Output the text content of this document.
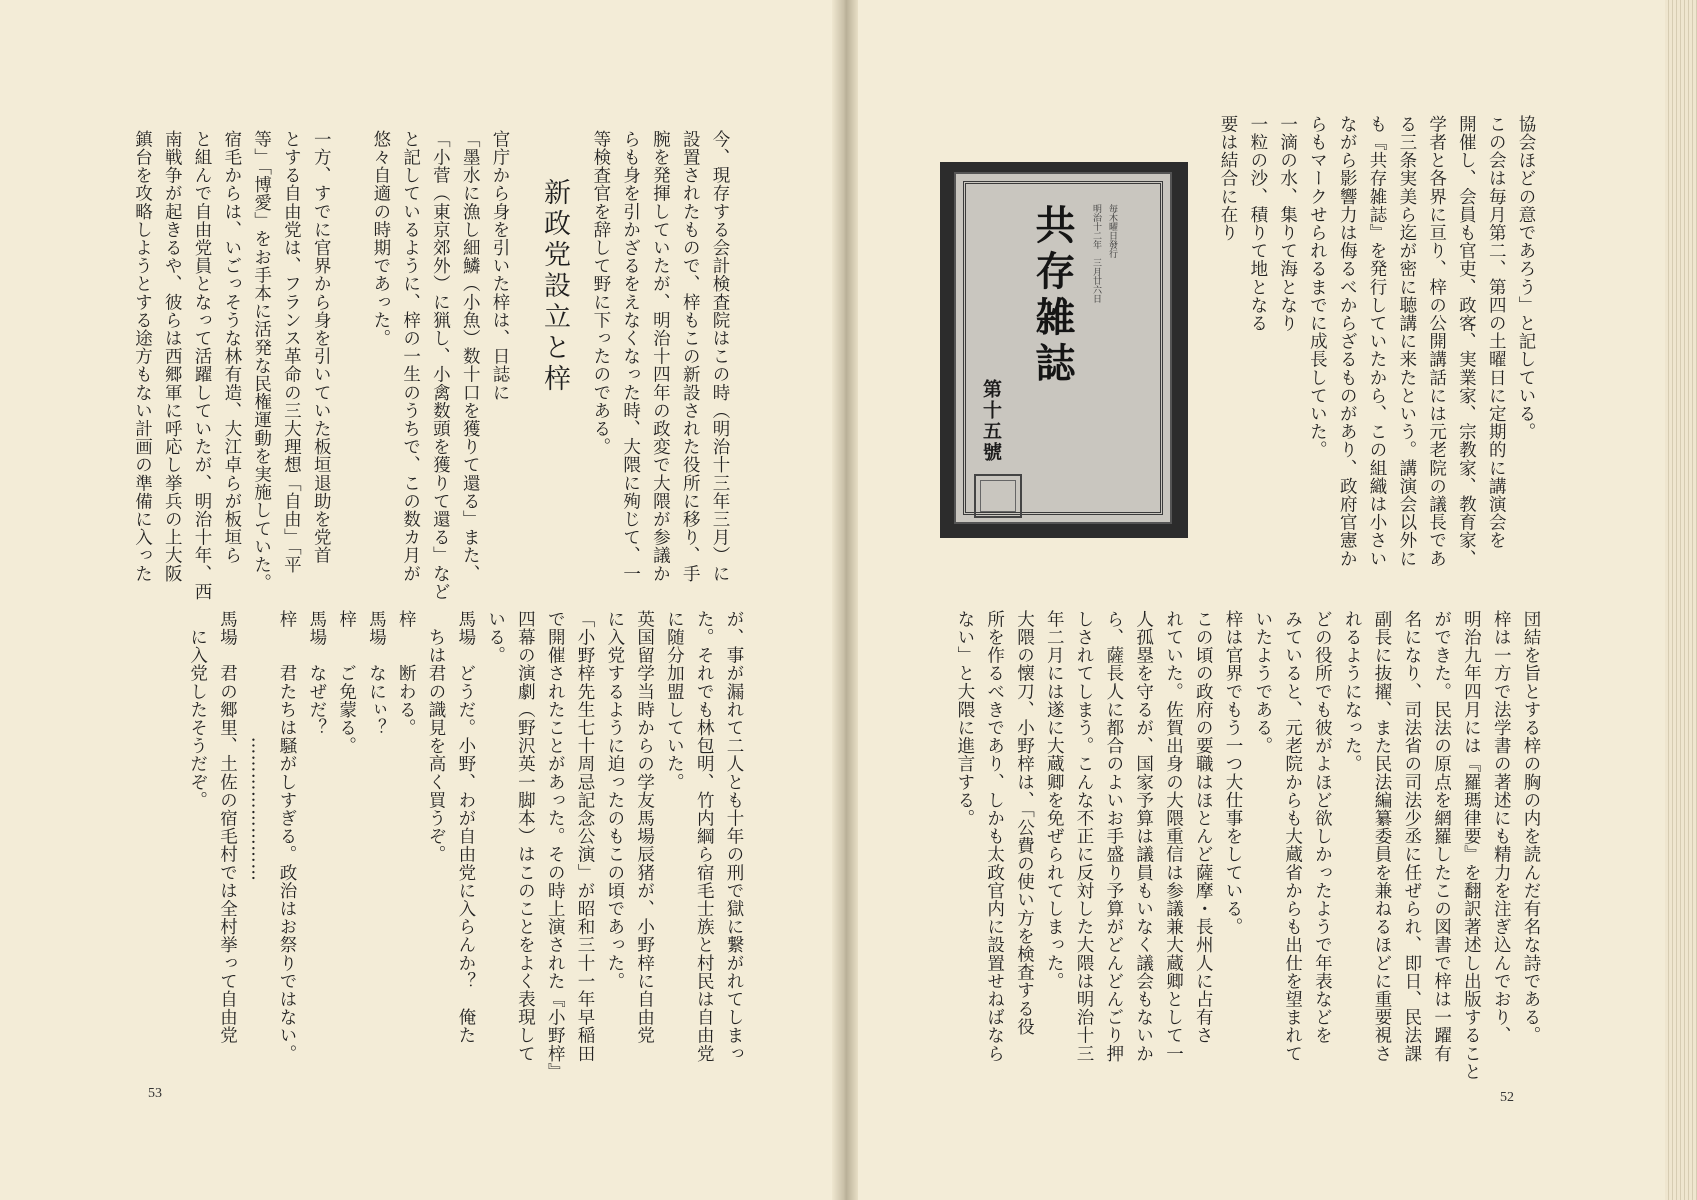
今、現存する会計検査院はこの時（明治十三年三月）に
設置されたもので、梓もこの新設された役所に移り、手
腕を発揮していたが、明治十四年の政変で大隈が参議か
らも身を引かざるをえなくなった時、大隈に殉じて、一
等検査官を辞して野に下ったのである。
新政党設立と梓
官庁から身を引いた梓は、日誌に
「墨水に漁し細鱗（小魚）数十口を獲りて還る」また、
「小菅（東京郊外）に猟し、小禽数頭を獲りて還る」など
と記しているように、梓の一生のうちで、この数カ月が
悠々自適の時期であった。

一方、すでに官界から身を引いていた板垣退助を党首
とする自由党は、フランス革命の三大理想「自由」「平
等」「博愛」をお手本に活発な民権運動を実施していた。
宿毛からは、いごっそうな林有造、大江卓らが板垣ら
と組んで自由党員となって活躍していたが、明治十年、西
南戦争が起きるや、彼らは西郷軍に呼応し挙兵の上大阪
鎮台を攻略しようとする途方もない計画の準備に入った
が、事が漏れて二人とも十年の刑で獄に繋がれてしまっ
た。それでも林包明、竹内綱ら宿毛士族と村民は自由党
に随分加盟していた。
英国留学当時からの学友馬場辰猪が、小野梓に自由党
に入党するように迫ったのもこの頃であった。
「小野梓先生七十周忌記念公演」が昭和三十一年早稲田
で開催されたことがあった。その時上演された『小野梓』
四幕の演劇（野沢英一脚本）はこのことをよく表現して
いる。
馬場　どうだ。小野、わが自由党に入らんか？　俺た
　ちは君の識見を高く買うぞ。
梓　　断わる。
馬場　なにぃ？
梓　　ご免蒙る。
馬場　なぜだ？
梓　　君たちは騒がしすぎる。政治はお祭りではない。
　　　　　　　……………………
馬場　君の郷里、土佐の宿毛村では全村挙って自由党
　に入党したそうだぞ。
53
協会ほどの意であろう」と記している。
この会は毎月第二、第四の土曜日に定期的に講演会を
開催し、会員も官吏、政客、実業家、宗教家、教育家、
学者と各界に亘り、梓の公開講話には元老院の議長であ
る三条実美ら迄が密に聴講に来たという。講演会以外に
も『共存雑誌』を発行していたから、この組織は小さい
ながら影響力は侮るべからざるものがあり、政府官憲か
らもマークせられるまでに成長していた。
一滴の水、集りて海となり
一粒の沙、積りて地となる
要は結合に在り
毎木曜日發行
明治十二年　三月廿六日
共存雑誌
第十五號
団結を旨とする梓の胸の内を読んだ有名な詩である。
梓は一方で法学書の著述にも精力を注ぎ込んでおり、
明治九年四月には『羅瑪律要』を翻訳著述し出版すること
ができた。民法の原点を網羅したこの図書で梓は一躍有
名になり、司法省の司法少丞に任ぜられ、即日、民法課
副長に抜擢、また民法編纂委員を兼ねるほどに重要視さ
れるようになった。
どの役所でも彼がよほど欲しかったようで年表などを
みていると、元老院からも大蔵省からも出仕を望まれて
いたようである。
梓は官界でもう一つ大仕事をしている。
この頃の政府の要職はほとんど薩摩・長州人に占有さ
れていた。佐賀出身の大隈重信は参議兼大蔵卿として一
人孤塁を守るが、国家予算は議員もいなく議会もないか
ら、薩長人に都合のよいお手盛り予算がどんどんごり押
しされてしまう。こんな不正に反対した大隈は明治十三
年二月には遂に大蔵卿を免ぜられてしまった。
大隈の懐刀、小野梓は、「公費の使い方を検査する役
所を作るべきであり、しかも太政官内に設置せねばなら
ない」と大隈に進言する。
52
